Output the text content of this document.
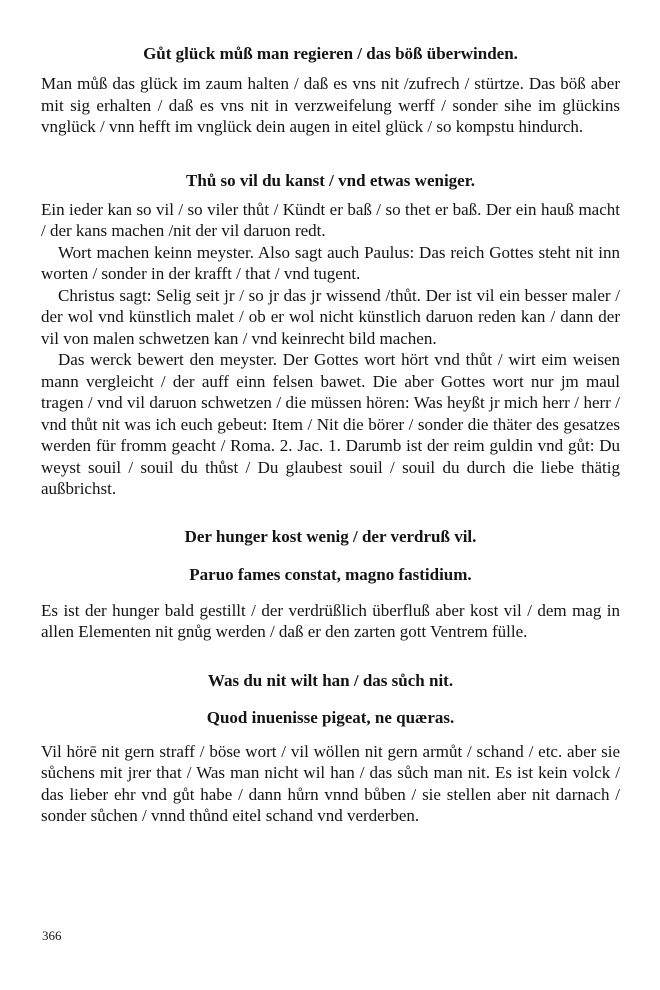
Gůt glück můß man regieren / das böß überwinden.

Man můß das glück im zaum halten / daß es vns nit /zufrech / stürtze. Das böß aber mit sig erhalten / daß es vns nit in verzweifelung werff / sonder sihe im glückins vnglück / vnn hefft im vnglück dein augen in eitel glück / so kompstu hindurch.

Thů so vil du kanst / vnd etwas weniger.

Ein ieder kan so vil / so viler thůt / Kündt er baß / so thet er baß. Der ein hauß macht / der kans machen /nit der vil daruon redt.

Wort machen keinn meyster. Also sagt auch Paulus: Das reich Gottes steht nit inn worten / sonder in der krafft / that / vnd tugent.

Christus sagt: Selig seit jr / so jr das jr wissend /thůt. Der ist vil ein besser maler / der wol vnd künstlich malet / ob er wol nicht künstlich daruon reden kan / dann der vil von malen schwetzen kan / vnd keinrecht bild machen.

Das werck bewert den meyster. Der Gottes wort hört vnd thůt / wirt eim weisen mann vergleicht / der auff einn felsen bawet. Die aber Gottes wort nur jm maul tragen / vnd vil daruon schwetzen / die müssen hören: Was heyßt jr mich herr / herr / vnd thůt nit was ich euch gebeut: Item / Nit die börer / sonder die thäter des gesatzes werden für fromm geacht / Roma. 2. Jac. 1. Darumb ist der reim guldin vnd gůt: Du weyst souil / souil du thůst / Du glaubest souil / souil du durch die liebe thätig außbrichst.

Der hunger kost wenig / der verdruß vil.
Paruo fames constat, magno fastidium.

Es ist der hunger bald gestillt / der verdrüßlich überfluß aber kost vil / dem mag in allen Elementen nit gnůg werden / daß er den zarten gott Ventrem fülle.

Was du nit wilt han / das sůch nit.
Quod inuenisse pigeat, ne quæras.

Vil hörē nit gern straff / böse wort / vil wöllen nit gern armůt / schand / etc. aber sie sůchens mit jrer that / Was man nicht wil han / das sůch man nit. Es ist kein volck / das lieber ehr vnd gůt habe / dann hůrn vnnd bůben / sie stellen aber nit darnach / sonder sůchen / vnnd thůnd eitel schand vnd verderben.

366
